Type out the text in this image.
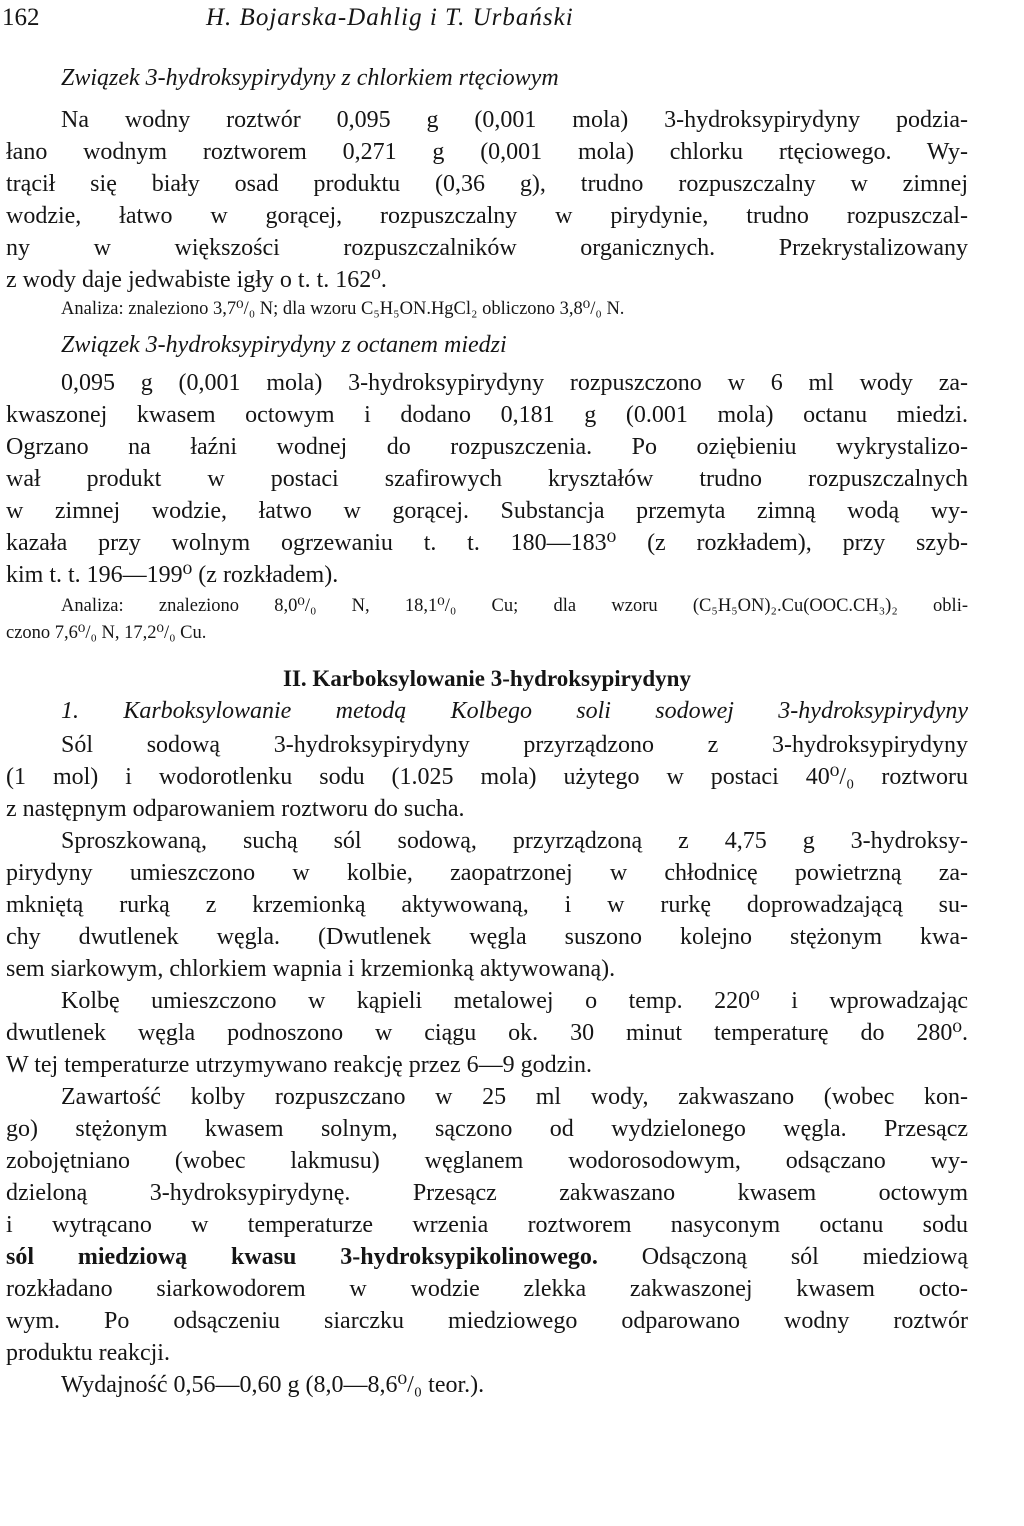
162	H. Bojarska-Dahlig i T. Urbański

Związek 3-hydroksypirydyny z chlorkiem rtęciowym

Na wodny roztwór 0,095 g (0,001 mola) 3-hydroksypirydyny podzia-

łano wodnym roztworem 0,271 g (0,001 mola) chlorku rtęciowego. Wy-

trącił się biały osad produktu (0,36 g), trudno rozpuszczalny w zimnej

wodzie, łatwo w gorącej, rozpuszczalny w pirydynie, trudno rozpuszczal-

ny w większości rozpuszczalników organicznych. Przekrystalizowany

z wody daje jedwabiste igły o t. t. 162⁰.

Analiza: znaleziono 3,7⁰/₀ N; dla wzoru C₅H₅ON.HgCl₂ obliczono 3,8⁰/₀ N.

Związek 3-hydroksypirydyny z octanem miedzi

0,095 g (0,001 mola) 3-hydroksypirydyny rozpuszczono w 6 ml wody za-

kwaszonej kwasem octowym i dodano 0,181 g (0.001 mola) octanu miedzi.

Ogrzano na łaźni wodnej do rozpuszczenia. Po oziębieniu wykrystalizo-

wał produkt w postaci szafirowych kryształów trudno rozpuszczalnych

w zimnej wodzie, łatwo w gorącej. Substancja przemyta zimną wodą wy-

kazała przy wolnym ogrzewaniu t. t. 180—183⁰ (z rozkładem), przy szyb-

kim t. t. 196—199⁰ (z rozkładem).

Analiza: znaleziono 8,0⁰/₀ N, 18,1⁰/₀ Cu; dla wzoru (C₅H₅ON)₂.Cu(OOC.CH₃)₂ obli-

czono 7,6⁰/₀ N, 17,2⁰/₀ Cu.

II. Karboksylowanie 3-hydroksypirydyny

1. Karboksylowanie metodą Kolbego soli sodowej 3-hydroksypirydyny

Sól sodową 3-hydroksypirydyny przyrządzono z 3-hydroksypirydyny

(1 mol) i wodorotlenku sodu (1.025 mola) użytego w postaci 40⁰/₀ roztworu

z następnym odparowaniem roztworu do sucha.

Sproszkowaną, suchą sól sodową, przyrządzoną z 4,75 g 3-hydroksy-

pirydyny umieszczono w kolbie, zaopatrzonej w chłodnicę powietrzną za-

mkniętą rurką z krzemionką aktywowaną, i w rurkę doprowadzającą su-

chy dwutlenek węgla. (Dwutlenek węgla suszono kolejno stężonym kwa-

sem siarkowym, chlorkiem wapnia i krzemionką aktywowaną).

Kolbę umieszczono w kąpieli metalowej o temp. 220⁰ i wprowadzając

dwutlenek węgla podnoszono w ciągu ok. 30 minut temperaturę do 280⁰.

W tej temperaturze utrzymywano reakcję przez 6—9 godzin.

Zawartość kolby rozpuszczano w 25 ml wody, zakwaszano (wobec kon-

go) stężonym kwasem solnym, sączono od wydzielonego węgla. Przesącz

zobojętniano (wobec lakmusu) węglanem wodorosodowym, odsączano wy-

dzieloną 3-hydroksypirydynę. Przesącz zakwaszano kwasem octowym

i wytrącano w temperaturze wrzenia roztworem nasyconym octanu sodu

sól miedziową kwasu 3-hydroksypikolinowego. Odsączoną sól miedziową

rozkładano siarkowodorem w wodzie zlekka zakwaszonej kwasem octo-

wym. Po odsączeniu siarczku miedziowego odparowano wodny roztwór

produktu reakcji.

Wydajność 0,56—0,60 g (8,0—8,6⁰/₀ teor.).
